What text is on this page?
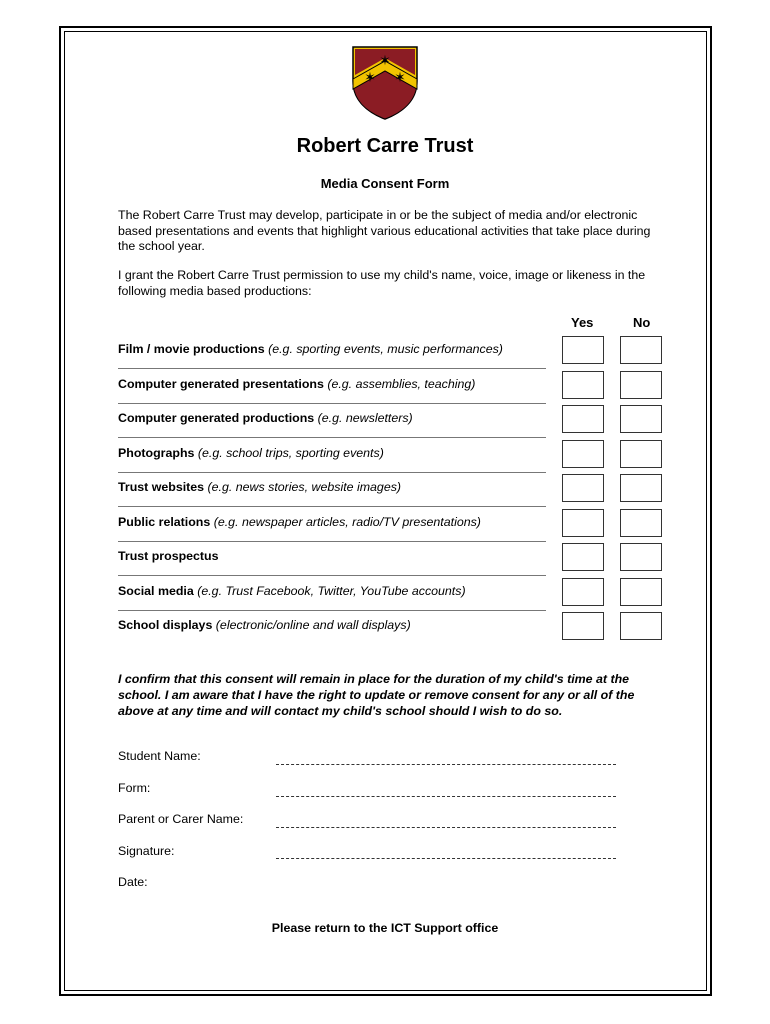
✶
✶ ✶
Robert Carre Trust
Media Consent Form
The Robert Carre Trust may develop, participate in or be the subject of media and/or electronic based presentations and events that highlight various educational activities that take place during the school year.
I grant the Robert Carre Trust permission to use my child's name, voice, image or likeness in the following media based productions:
Yes	No
Film / movie productions (e.g. sporting events, music performances)
Computer generated presentations (e.g. assemblies, teaching)
Computer generated productions (e.g. newsletters)
Photographs (e.g. school trips, sporting events)
Trust websites (e.g. news stories, website images)
Public relations (e.g. newspaper articles, radio/TV presentations)
Trust prospectus
Social media (e.g. Trust Facebook, Twitter, YouTube accounts)
School displays (electronic/online and wall displays)
I confirm that this consent will remain in place for the duration of my child's time at the school. I am aware that I have the right to update or remove consent for any or all of the above at any time and will contact my child's school should I wish to do so.
Student Name:
Form:
Parent or Carer Name:
Signature:
Date:
Please return to the ICT Support office
